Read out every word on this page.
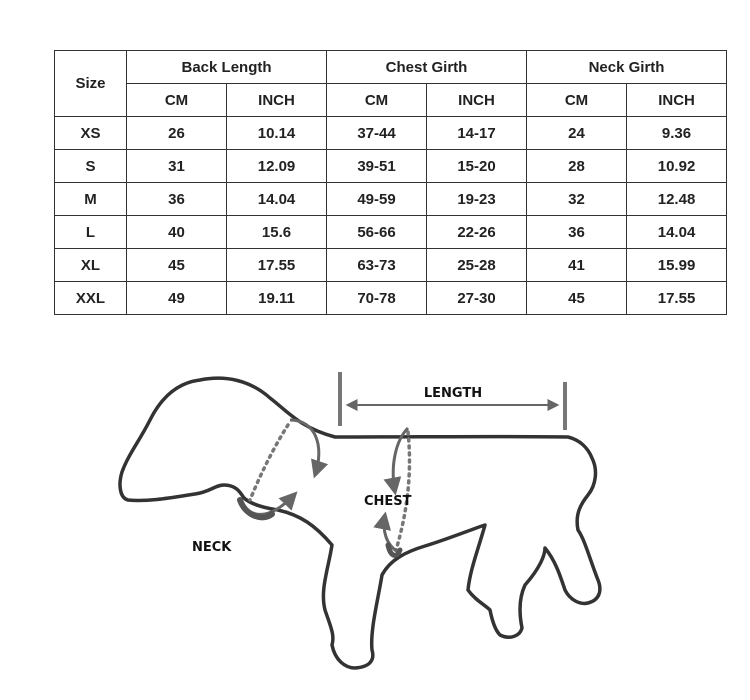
Size	Back Length		Chest Girth		Neck Girth	
	CM	INCH	CM	INCH	CM	INCH
XS	26	10.14	37-44	14-17	24	9.36
S	31	12.09	39-51	15-20	28	10.92
M	36	14.04	49-59	19-23	32	12.48
L	40	15.6	56-66	22-26	36	14.04
XL	45	17.55	63-73	25-28	41	15.99
XXL	49	19.11	70-78	27-30	45	17.55
LENGTH
NECK
CHEST
